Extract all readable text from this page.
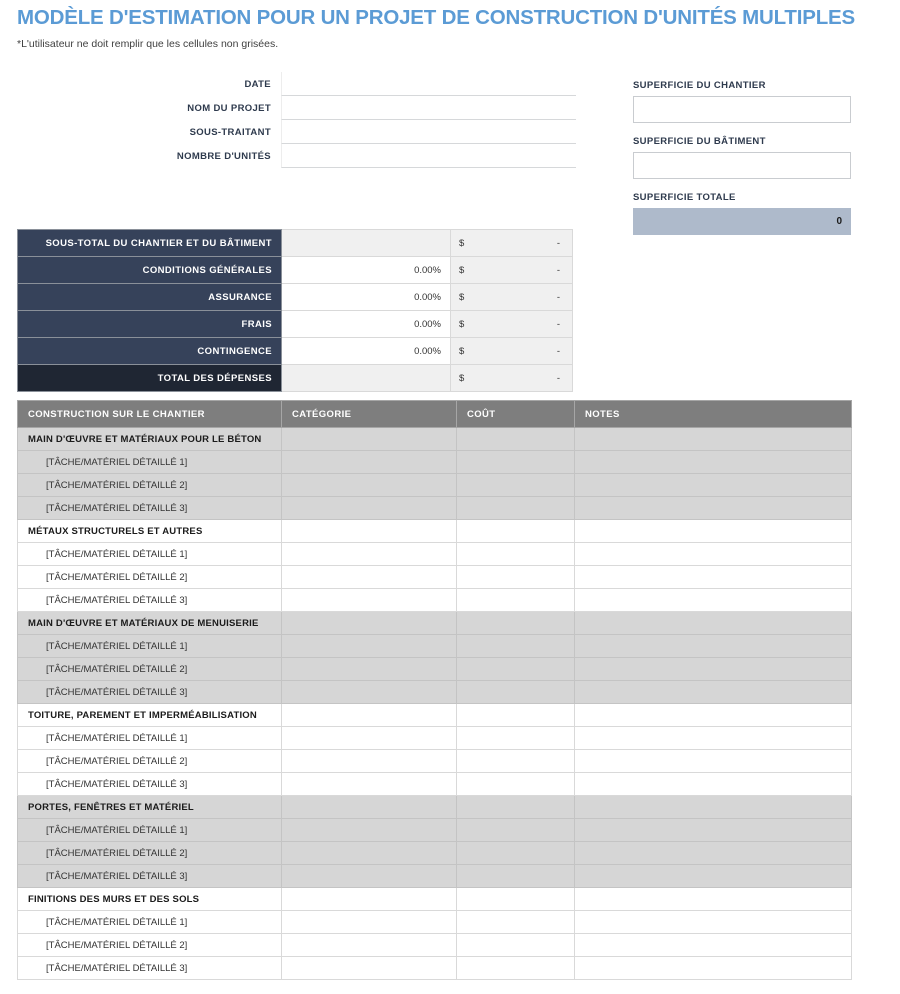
MODÈLE D'ESTIMATION POUR UN PROJET DE CONSTRUCTION D'UNITÉS MULTIPLES
*L'utilisateur ne doit remplir que les cellules non grisées.
DATE
NOM DU PROJET
SOUS-TRAITANT
NOMBRE D'UNITÉS
SUPERFICIE DU CHANTIER
SUPERFICIE DU BÂTIMENT
SUPERFICIE TOTALE
0
SOUS-TOTAL DU CHANTIER ET DU BÂTIMENT		$ -

CONDITIONS GÉNÉRALES	0.00%	$ -

ASSURANCE	0.00%	$ -

FRAIS	0.00%	$ -

CONTINGENCE	0.00%	$ -

TOTAL DES DÉPENSES		$ -
CONSTRUCTION SUR LE CHANTIER	CATÉGORIE	COÛT	NOTES
MAIN D'ŒUVRE ET MATÉRIAUX POUR LE BÉTON			
[TÂCHE/MATÉRIEL DÉTAILLÉ 1]			
[TÂCHE/MATÉRIEL DÉTAILLÉ 2]			
[TÂCHE/MATÉRIEL DÉTAILLÉ 3]			
MÉTAUX STRUCTURELS ET AUTRES			
[TÂCHE/MATÉRIEL DÉTAILLÉ 1]			
[TÂCHE/MATÉRIEL DÉTAILLÉ 2]			
[TÂCHE/MATÉRIEL DÉTAILLÉ 3]			
MAIN D'ŒUVRE ET MATÉRIAUX DE MENUISERIE			
[TÂCHE/MATÉRIEL DÉTAILLÉ 1]			
[TÂCHE/MATÉRIEL DÉTAILLÉ 2]			
[TÂCHE/MATÉRIEL DÉTAILLÉ 3]			
TOITURE, PAREMENT ET IMPERMÉABILISATION			
[TÂCHE/MATÉRIEL DÉTAILLÉ 1]			
[TÂCHE/MATÉRIEL DÉTAILLÉ 2]			
[TÂCHE/MATÉRIEL DÉTAILLÉ 3]			
PORTES, FENÊTRES ET MATÉRIEL			
[TÂCHE/MATÉRIEL DÉTAILLÉ 1]			
[TÂCHE/MATÉRIEL DÉTAILLÉ 2]			
[TÂCHE/MATÉRIEL DÉTAILLÉ 3]			
FINITIONS DES MURS ET DES SOLS			
[TÂCHE/MATÉRIEL DÉTAILLÉ 1]			
[TÂCHE/MATÉRIEL DÉTAILLÉ 2]			
[TÂCHE/MATÉRIEL DÉTAILLÉ 3]			
